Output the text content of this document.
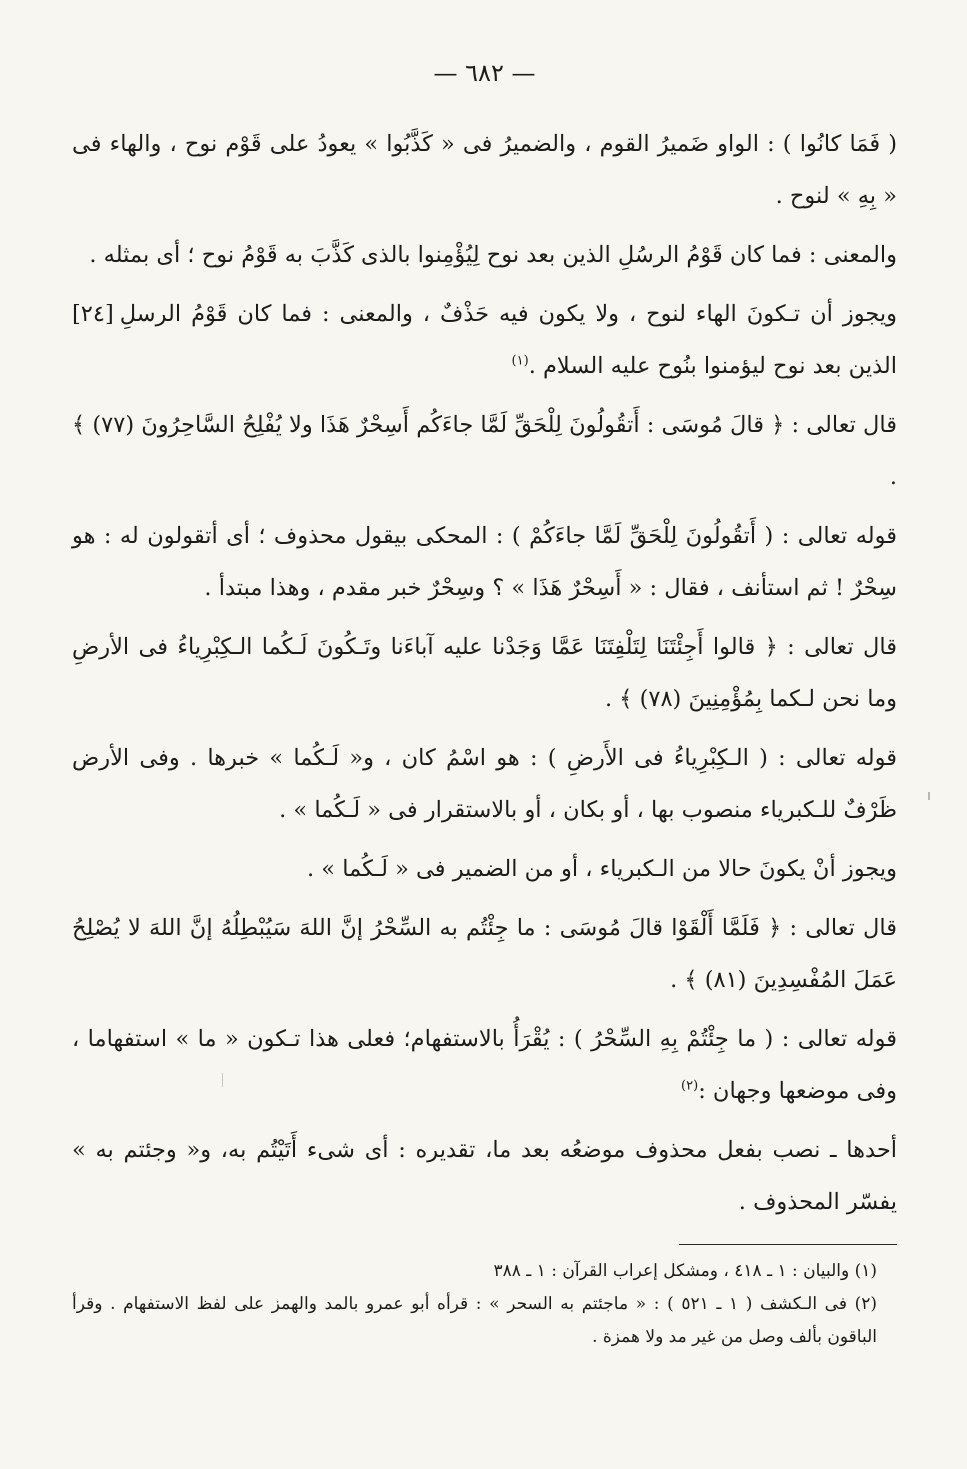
— ٦٨٢ —

( فَمَا كانُوا ) : الواو ضَميرُ القوم ، والضميرُ فى « كَذَّبُوا » يعودُ على قَوْم نوح ، والهاء فى « بِهِ » لنوح .

والمعنى : فما كان قَوْمُ الرسُلِ الذين بعد نوح لِيُؤْمِنوا بالذى كَذَّبَ به قَوْمُ نوح ؛ أى بمثله .

[٢٤] ويجوز أن تـكونَ الهاء لنوح ، ولا يكون فيه حَذْفٌ ، والمعنى : فما كان قَوْمُ الرسلِ الذين بعد نوح ليؤمنوا بنُوح علیه السلام .$^{(١)}$

قال تعالى : ﴿ قالَ مُوسَى : أَتقُولُونَ لِلْحَقِّ لَمَّا جاءَكُم أَسِحْرٌ هَذَا ولا يُفْلِحُ السَّاحِرُونَ (٧٧) ﴾ .

قوله تعالى : ( أَتقُولُونَ لِلْحَقِّ لَمَّا جاءَكُمْ ) : المحكى بيقول محذوف ؛ أى أتقولون له : هو سِحْرٌ ! ثم استأنف ، فقال : « أَسِحْرٌ هَذَا » ؟ وسِحْرٌ خبر مقدم ، وهذا مبتدأ .

قال تعالى : ﴿ قالوا أَجِئْتَنَا لِتَلْفِتَنَا عَمَّا وَجَدْنا عليه آباءَنا وتَـكُونَ لَـكُما الـكِبْرِياءُ فى الأرضِ وما نحن لـكما بِمُؤْمِنِينَ (٧٨) ﴾ .

قوله تعالى : ( الـكِبْرِياءُ فى الأَرضِ ) : هو اسْمُ كان ، و« لَـكُما » خبرها . وفى الأرض ظَرْفٌ للـكبرياء منصوب بها ، أو بكان ، أو بالاستقرار فى « لَـكُما » .

ويجوز أنْ يكونَ حالا من الـكبرياء ، أو من الضمير فى « لَـكُما » .

قال تعالى : ﴿ فَلَمَّا أَلْقَوْا قالَ مُوسَى : ما جِئْتُم به السِّحْرُ إنَّ اللهَ سَيُبْطِلُهُ إنَّ اللهَ لا يُصْلِحُ عَمَلَ المُفْسِدِينَ (٨١) ﴾ .

قوله تعالى : ( ما جِئْتُمْ بِهِ السِّحْرُ ) : يُقْرَأُ بالاستفهام؛ فعلى هذا تـكون « ما » استفهاما ، وفى موضعها وجهان :$^{(٢)}$

أحدها ـ نصب بفعل محذوف موضعُه بعد ما، تقديره : أى شىء أَتَيْتُم به، و« وجئتم به » يفسّر المحذوف .

(١) والبيان : ١ ـ ٤١٨ ، ومشكل إعراب القرآن : ١ ـ ٣٨٨

(٢) فى الـكشف ( ١ ـ ٥٢١ ) : « ماجئتم به السحر » : قرأه أبو عمرو بالمد والهمز على لفظ الاستفهام . وقرأ الباقون بألف وصل من غير مد ولا همزة .
